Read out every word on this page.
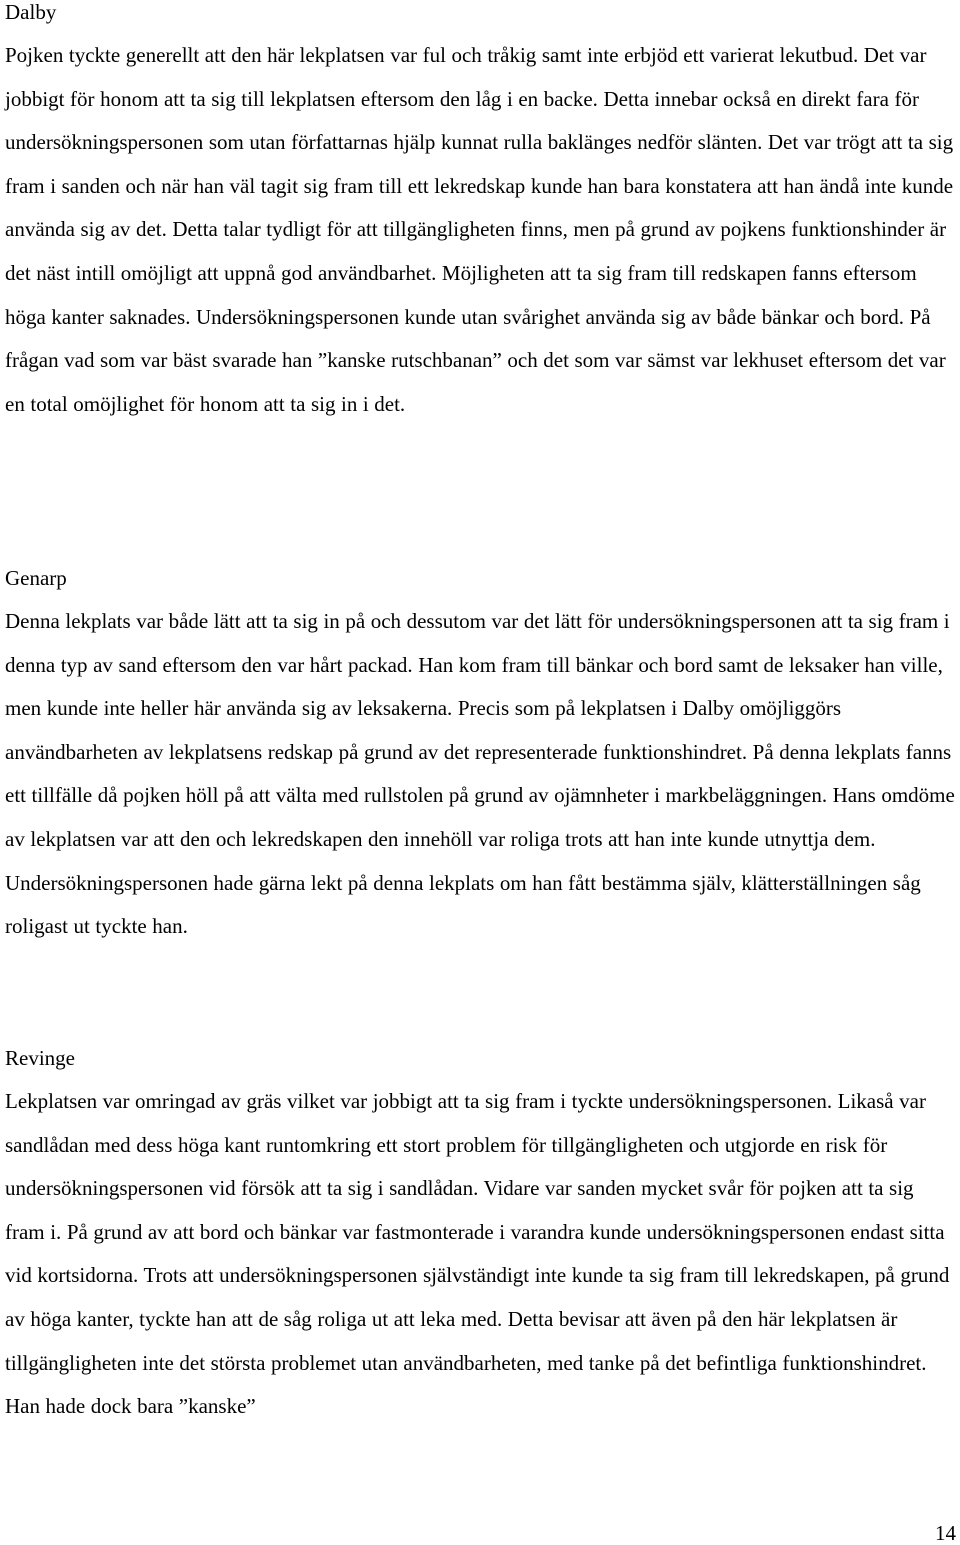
Dalby

Pojken tyckte generellt att den här lekplatsen var ful och tråkig samt inte erbjöd ett varierat lekutbud. Det var jobbigt för honom att ta sig till lekplatsen eftersom den låg i en backe. Detta innebar också en direkt fara för undersökningspersonen som utan författarnas hjälp kunnat rulla baklänges nedför slänten. Det var trögt att ta sig fram i sanden och när han väl tagit sig fram till ett lekredskap kunde han bara konstatera att han ändå inte kunde använda sig av det. Detta talar tydligt för att tillgängligheten finns, men på grund av pojkens funktionshinder är det näst intill omöjligt att uppnå god användbarhet. Möjligheten att ta sig fram till redskapen fanns eftersom höga kanter saknades. Undersökningspersonen kunde utan svårighet använda sig av både bänkar och bord. På frågan vad som var bäst svarade han ”kanske rutschbanan” och det som var sämst var lekhuset eftersom det var en total omöjlighet för honom att ta sig in i det.

Genarp

Denna lekplats var både lätt att ta sig in på och dessutom var det lätt för undersökningspersonen att ta sig fram i denna typ av sand eftersom den var hårt packad. Han kom fram till bänkar och bord samt de leksaker han ville, men kunde inte heller här använda sig av leksakerna. Precis som på lekplatsen i Dalby omöjliggörs användbarheten av lekplatsens redskap på grund av det representerade funktionshindret. På denna lekplats fanns ett tillfälle då pojken höll på att välta med rullstolen på grund av ojämnheter i markbeläggningen. Hans omdöme av lekplatsen var att den och lekredskapen den innehöll var roliga trots att han inte kunde utnyttja dem. Undersökningspersonen hade gärna lekt på denna lekplats om han fått bestämma själv, klätterställningen såg roligast ut tyckte han.

Revinge

Lekplatsen var omringad av gräs vilket var jobbigt att ta sig fram i tyckte undersökningspersonen. Likaså var sandlådan med dess höga kant runtomkring ett stort problem för tillgängligheten och utgjorde en risk för undersökningspersonen vid försök att ta sig i sandlådan. Vidare var sanden mycket svår för pojken att ta sig fram i. På grund av att bord och bänkar var fastmonterade i varandra kunde undersökningspersonen endast sitta vid kortsidorna. Trots att undersökningspersonen självständigt inte kunde ta sig fram till lekredskapen, på grund av höga kanter, tyckte han att de såg roliga ut att leka med. Detta bevisar att även på den här lekplatsen är tillgängligheten inte det största problemet utan användbarheten, med tanke på det befintliga funktionshindret. Han hade dock bara ”kanske”

14
